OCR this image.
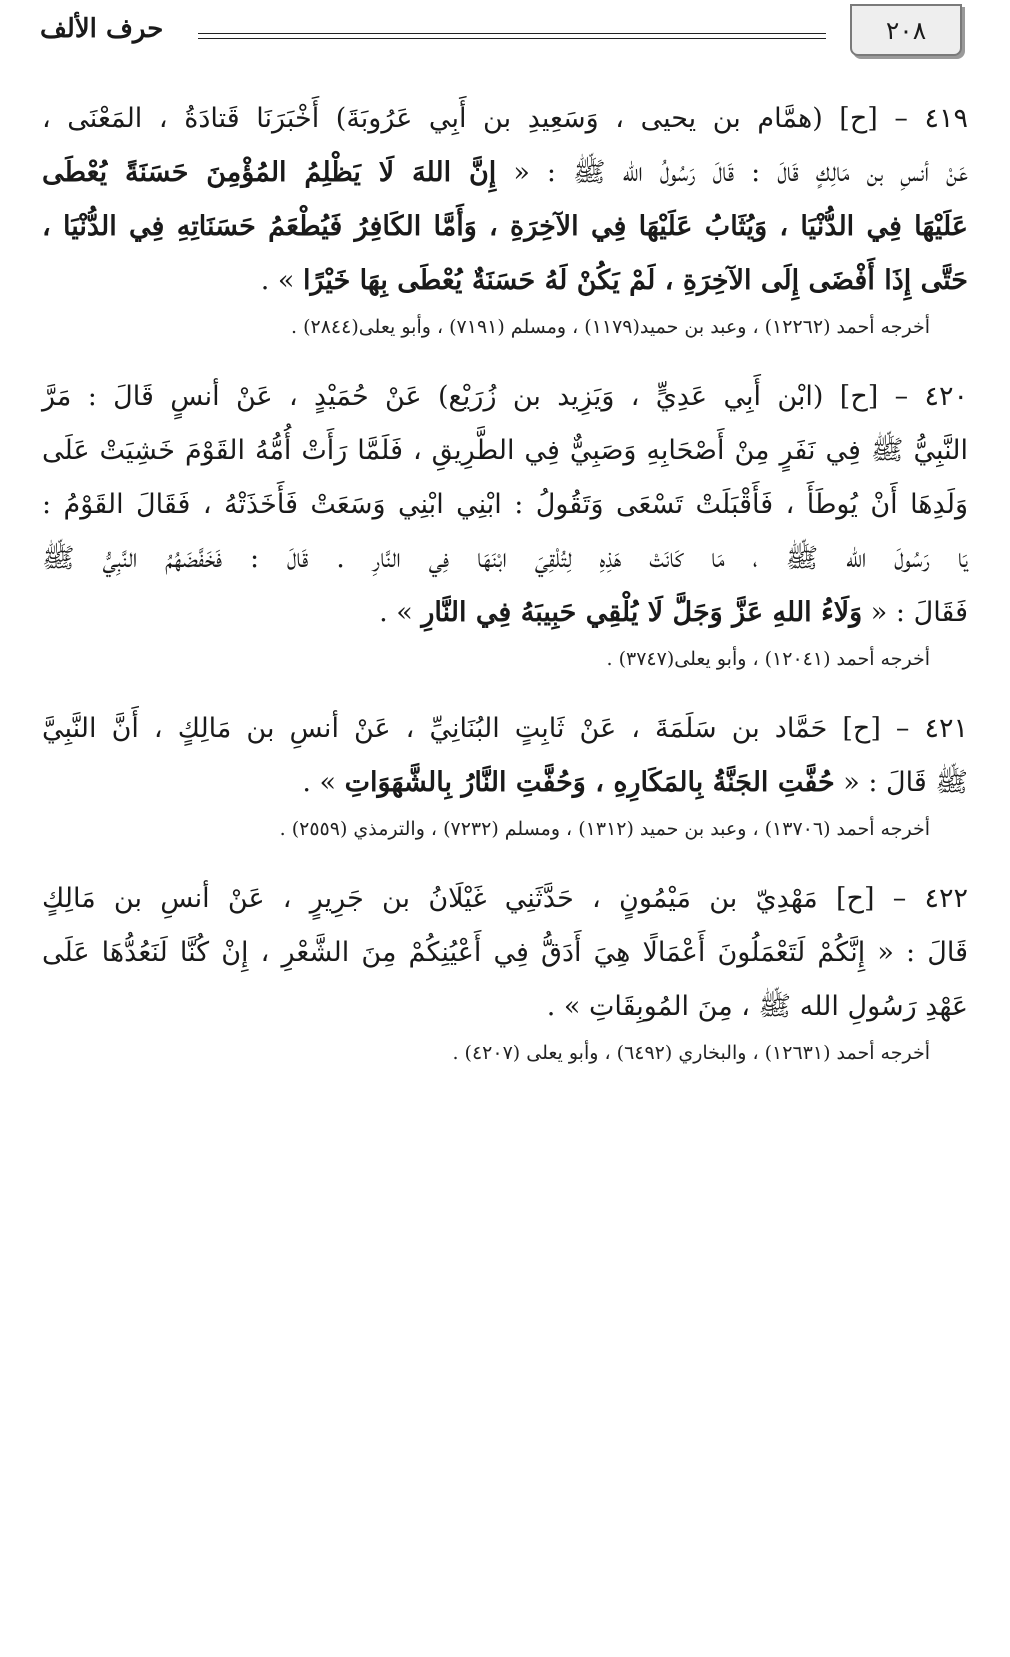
٢٠٨
حرف الألف
٤١٩ – [ح] (همَّام بن يحيى ، وَسَعِيدِ بن أَبِي عَرُوبَةَ) أَخْبَرَنَا قَتادَةُ ، المَعْنَى ،
عَنْ أنسِ بن مَالِكٍ قَالَ : قَالَ رَسُولُ الله ﷺ : « إِنَّ اللهَ لَا يَظْلِمُ المُؤْمِنَ حَسَنَةً يُعْطَى
عَلَيْهَا فِي الدُّنْيَا ، وَيُثَابُ عَلَيْهَا فِي الآخِرَةِ ، وَأَمَّا الكَافِرُ فَيُطْعَمُ حَسَنَاتِهِ فِي الدُّنْيَا ،
حَتَّى إِذَا أَفْضَى إِلَى الآخِرَةِ ، لَمْ يَكُنْ لَهُ حَسَنَةٌ يُعْطَى بِهَا خَيْرًا » .
أخرجه أحمد (١٢٢٦٢) ، وعبد بن حميد(١١٧٩) ، ومسلم (٧١٩١) ، وأبو يعلى(٢٨٤٤) .
٤٢٠ – [ح] (ابْن أَبِي عَدِيٍّ ، وَيَزِيد بن زُرَيْع) عَنْ حُمَيْدٍ ، عَنْ أنسٍ قَالَ : مَرَّ
النَّبِيُّ ﷺ فِي نَفَرٍ مِنْ أَصْحَابِهِ وَصَبِيٌّ فِي الطَّرِيقِ ، فَلَمَّا رَأَتْ أُمُّهُ القَوْمَ خَشِيَتْ عَلَى
وَلَدِهَا أَنْ يُوطَأَ ، فَأَقْبَلَتْ تَسْعَى وَتَقُولُ : ابْنِي ابْنِي وَسَعَتْ فَأَخَذَتْهُ ، فَقَالَ القَوْمُ :
يَا رَسُولَ الله ﷺ ، مَا كَانَتْ هَذِهِ لِتُلْقِيَ ابْنَهَا فِي النَّارِ . قَالَ : فَخَفَّضَهُمُ النَّبِيُّ ﷺ
فَقَالَ : « وَلَاءُ اللهِ عَزَّ وَجَلَّ لَا يُلْقِي حَبِيبَهُ فِي النَّارِ » .
أخرجه أحمد (١٢٠٤١) ، وأبو يعلى(٣٧٤٧) .
٤٢١ – [ح] حَمَّاد بن سَلَمَةَ ، عَنْ ثَابِتٍ البُنَانِيِّ ، عَنْ أنسِ بن مَالِكٍ ، أَنَّ النَّبِيَّ
ﷺ قَالَ : « حُفَّتِ الجَنَّةُ بِالمَكَارِهِ ، وَحُفَّتِ النَّارُ بِالشَّهَوَاتِ » .
أخرجه أحمد (١٣٧٠٦) ، وعبد بن حميد (١٣١٢) ، ومسلم (٧٢٣٢) ، والترمذي (٢٥٥٩) .
٤٢٢ – [ح] مَهْدِيّ بن مَيْمُونٍ ، حَدَّثَنِي غَيْلَانُ بن جَرِيرٍ ، عَنْ أنسِ بن مَالِكٍ
قَالَ : « إِنَّكُمْ لَتَعْمَلُونَ أَعْمَالًا هِيَ أَدَقُّ فِي أَعْيُنِكُمْ مِنَ الشَّعْرِ ، إِنْ كُنَّا لَنَعُدُّهَا عَلَى
عَهْدِ رَسُولِ الله ﷺ ، مِنَ المُوبِقَاتِ » .
أخرجه أحمد (١٢٦٣١) ، والبخاري (٦٤٩٢) ، وأبو يعلى (٤٢٠٧) .
